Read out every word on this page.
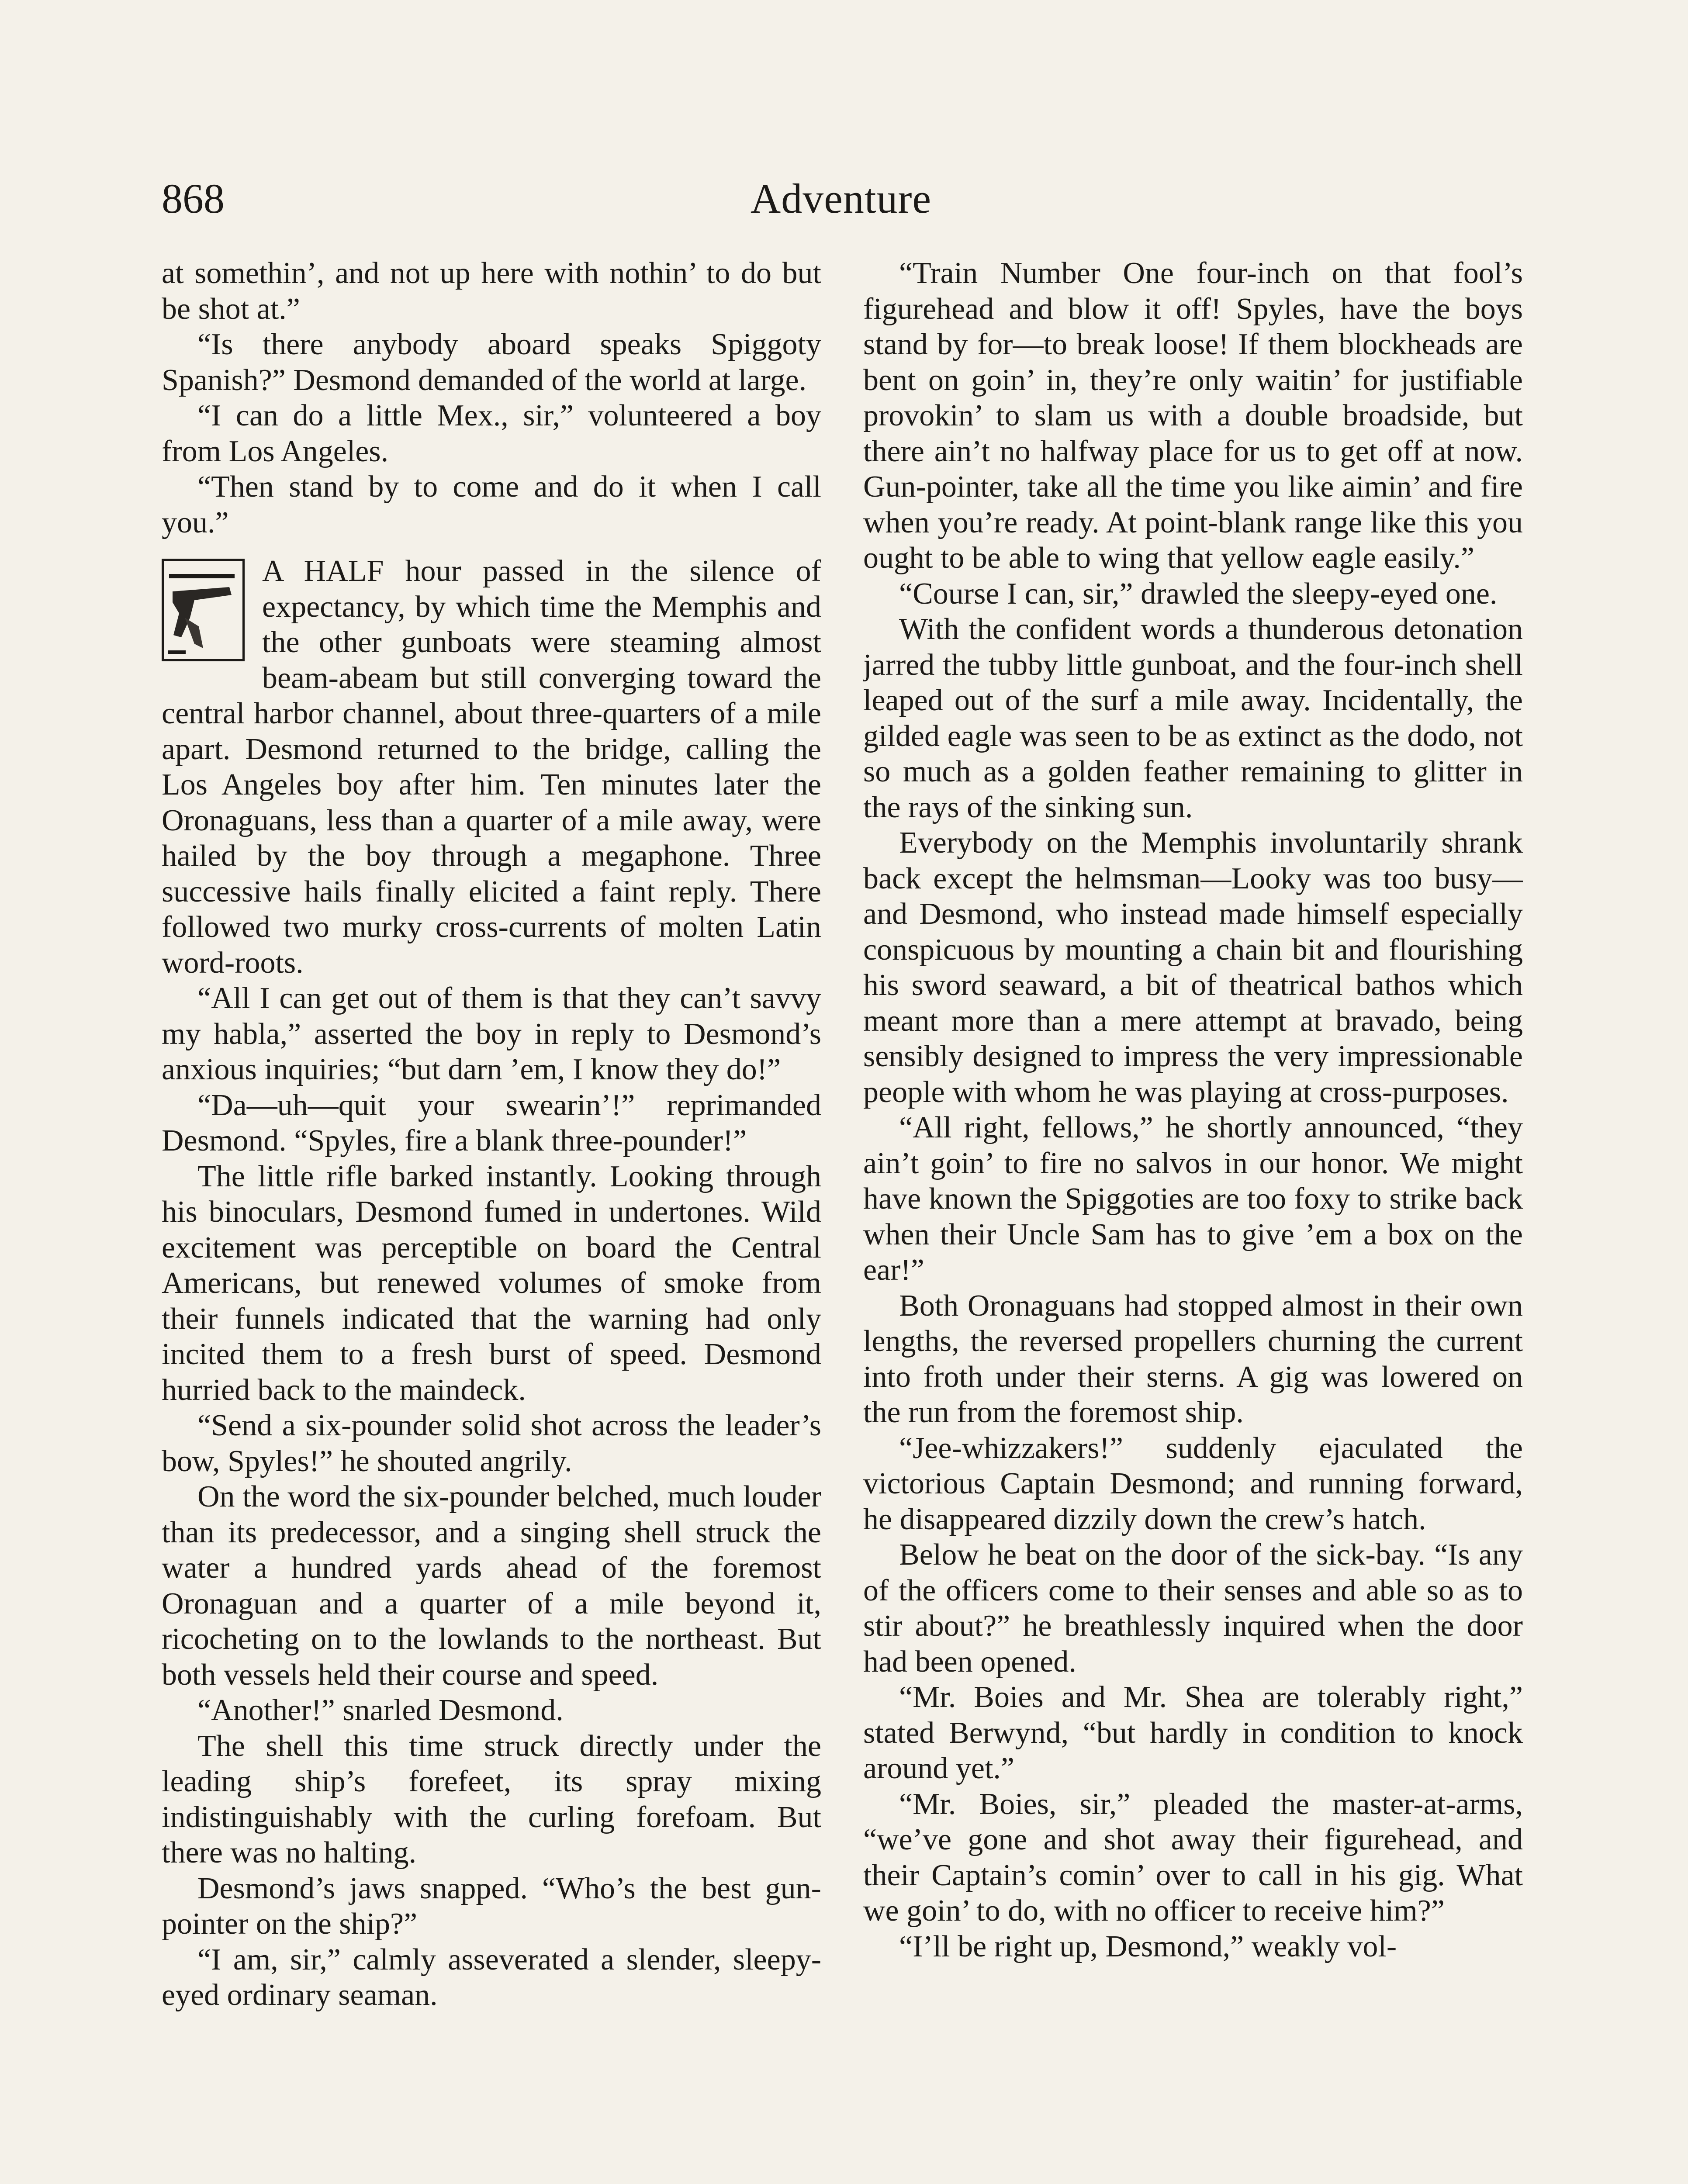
868	Adventure

at somethin’, and not up here with nothin’ to do but be shot at.”

“Is there anybody aboard speaks Spiggoty Spanish?” Desmond demanded of the world at large.

“I can do a little Mex., sir,” volunteered a boy from Los Angeles.

“Then stand by to come and do it when I call you.”

A HALF hour passed in the silence of expectancy, by which time the Memphis and the other gunboats were steaming almost beam-abeam but still converging toward the central harbor channel, about three-quarters of a mile apart. Desmond returned to the bridge, calling the Los Angeles boy after him. Ten minutes later the Oronaguans, less than a quarter of a mile away, were hailed by the boy through a megaphone. Three successive hails finally elicited a faint reply. There followed two murky cross-currents of molten Latin word-roots.

“All I can get out of them is that they can’t savvy my habla,” asserted the boy in reply to Desmond’s anxious inquiries; “but darn ’em, I know they do!”

“Da—uh—quit your swearin’!” reprimanded Desmond. “Spyles, fire a blank three-pounder!”

The little rifle barked instantly. Looking through his binoculars, Desmond fumed in undertones. Wild excitement was perceptible on board the Central Americans, but renewed volumes of smoke from their funnels indicated that the warning had only incited them to a fresh burst of speed. Desmond hurried back to the maindeck.

“Send a six-pounder solid shot across the leader’s bow, Spyles!” he shouted angrily.

On the word the six-pounder belched, much louder than its predecessor, and a singing shell struck the water a hundred yards ahead of the foremost Oronaguan and a quarter of a mile beyond it, ricocheting on to the lowlands to the northeast. But both vessels held their course and speed.

“Another!” snarled Desmond.

The shell this time struck directly under the leading ship’s forefeet, its spray mixing indistinguishably with the curling forefoam. But there was no halting.

Desmond’s jaws snapped. “Who’s the best gun-pointer on the ship?”

“I am, sir,” calmly asseverated a slender, sleepy-eyed ordinary seaman.

“Train Number One four-inch on that fool’s figurehead and blow it off! Spyles, have the boys stand by for—to break loose! If them blockheads are bent on goin’ in, they’re only waitin’ for justifiable provokin’ to slam us with a double broadside, but there ain’t no halfway place for us to get off at now. Gun-pointer, take all the time you like aimin’ and fire when you’re ready. At point-blank range like this you ought to be able to wing that yellow eagle easily.”

“Course I can, sir,” drawled the sleepy-eyed one.

With the confident words a thunderous detonation jarred the tubby little gunboat, and the four-inch shell leaped out of the surf a mile away. Incidentally, the gilded eagle was seen to be as extinct as the dodo, not so much as a golden feather remaining to glitter in the rays of the sinking sun.

Everybody on the Memphis involuntarily shrank back except the helmsman—Looky was too busy—and Desmond, who instead made himself especially conspicuous by mounting a chain bit and flourishing his sword seaward, a bit of theatrical bathos which meant more than a mere attempt at bravado, being sensibly designed to impress the very impressionable people with whom he was playing at cross-purposes.

“All right, fellows,” he shortly announced, “they ain’t goin’ to fire no salvos in our honor. We might have known the Spiggoties are too foxy to strike back when their Uncle Sam has to give ’em a box on the ear!”

Both Oronaguans had stopped almost in their own lengths, the reversed propellers churning the current into froth under their sterns. A gig was lowered on the run from the foremost ship.

“Jee-whizzakers!” suddenly ejaculated the victorious Captain Desmond; and running forward, he disappeared dizzily down the crew’s hatch.

Below he beat on the door of the sick-bay. “Is any of the officers come to their senses and able so as to stir about?” he breathlessly inquired when the door had been opened.

“Mr. Boies and Mr. Shea are tolerably right,” stated Berwynd, “but hardly in condition to knock around yet.”

“Mr. Boies, sir,” pleaded the master-at-arms, “we’ve gone and shot away their figurehead, and their Captain’s comin’ over to call in his gig. What we goin’ to do, with no officer to receive him?”

“I’ll be right up, Desmond,” weakly vol-
